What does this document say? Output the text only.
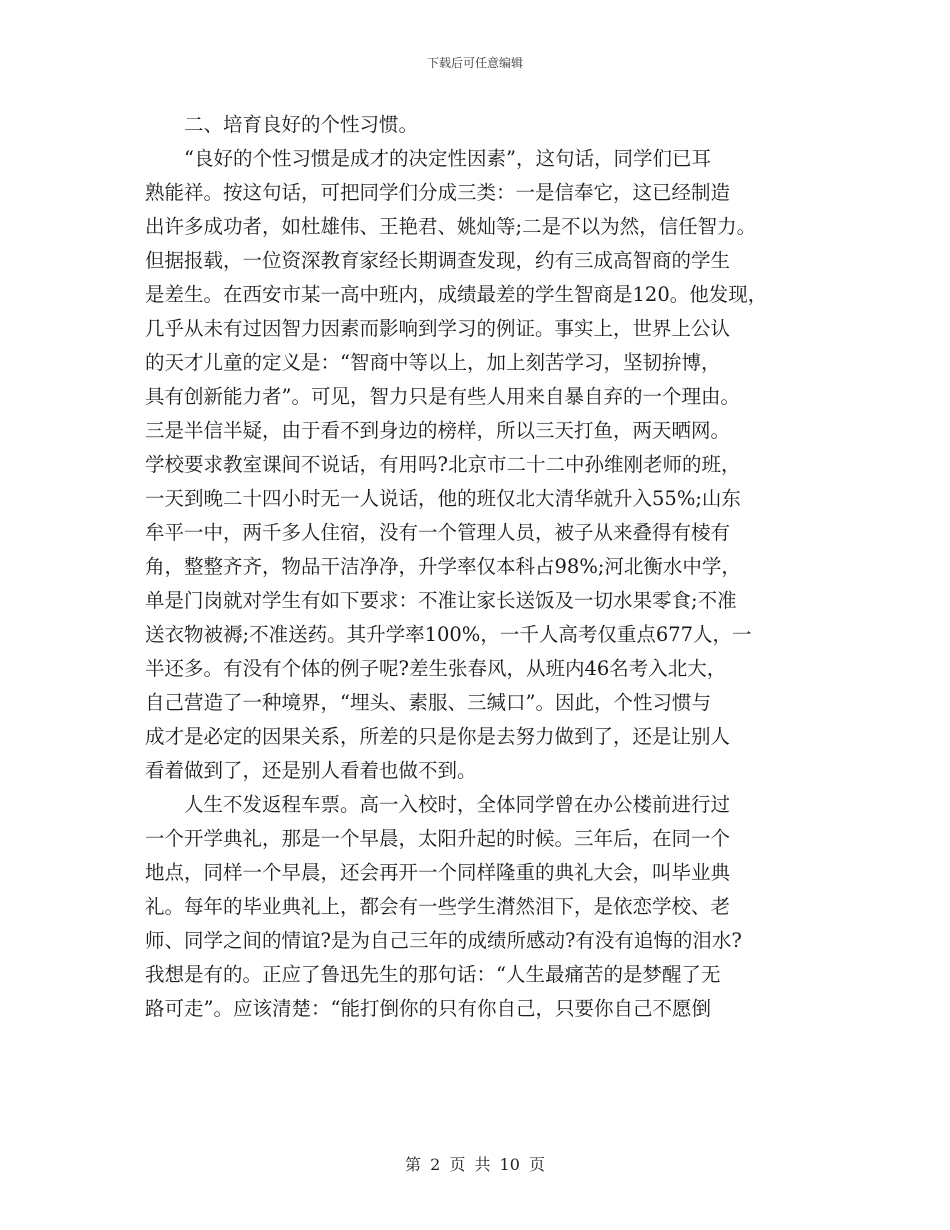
下载后可任意编辑
　　二、培育良好的个性习惯。
　　“良好的个性习惯是成才的决定性因素”，这句话，同学们已耳
熟能祥。按这句话，可把同学们分成三类：一是信奉它，这已经制造
出许多成功者，如杜雄伟、王艳君、姚灿等;二是不以为然，信任智力。
但据报载，一位资深教育家经长期调查发现，约有三成高智商的学生
是差生。在西安市某一高中班内，成绩最差的学生智商是120。他发现，
几乎从未有过因智力因素而影响到学习的例证。事实上，世界上公认
的天才儿童的定义是：“智商中等以上，加上刻苦学习，坚韧拚博，
具有创新能力者”。可见，智力只是有些人用来自暴自弃的一个理由。
三是半信半疑，由于看不到身边的榜样，所以三天打鱼，两天晒网。
学校要求教室课间不说话，有用吗?北京市二十二中孙维刚老师的班，
一天到晚二十四小时无一人说话，他的班仅北大清华就升入55%;山东
牟平一中，两千多人住宿，没有一个管理人员，被子从来叠得有棱有
角，整整齐齐，物品干洁净净，升学率仅本科占98%;河北衡水中学，
单是门岗就对学生有如下要求：不准让家长送饭及一切水果零食;不准
送衣物被褥;不准送药。其升学率100%，一千人高考仅重点677人，一
半还多。有没有个体的例子呢?差生张春风，从班内46名考入北大，
自己营造了一种境界，“埋头、素服、三缄口”。因此，个性习惯与
成才是必定的因果关系，所差的只是你是去努力做到了，还是让别人
看着做到了，还是别人看着也做不到。
　　人生不发返程车票。高一入校时，全体同学曾在办公楼前进行过
一个开学典礼，那是一个早晨，太阳升起的时候。三年后，在同一个
地点，同样一个早晨，还会再开一个同样隆重的典礼大会，叫毕业典
礼。每年的毕业典礼上，都会有一些学生潸然泪下，是依恋学校、老
师、同学之间的情谊?是为自己三年的成绩所感动?有没有追悔的泪水?
我想是有的。正应了鲁迅先生的那句话：“人生最痛苦的是梦醒了无
路可走”。应该清楚：“能打倒你的只有你自己，只要你自己不愿倒
第 2 页 共 10 页
